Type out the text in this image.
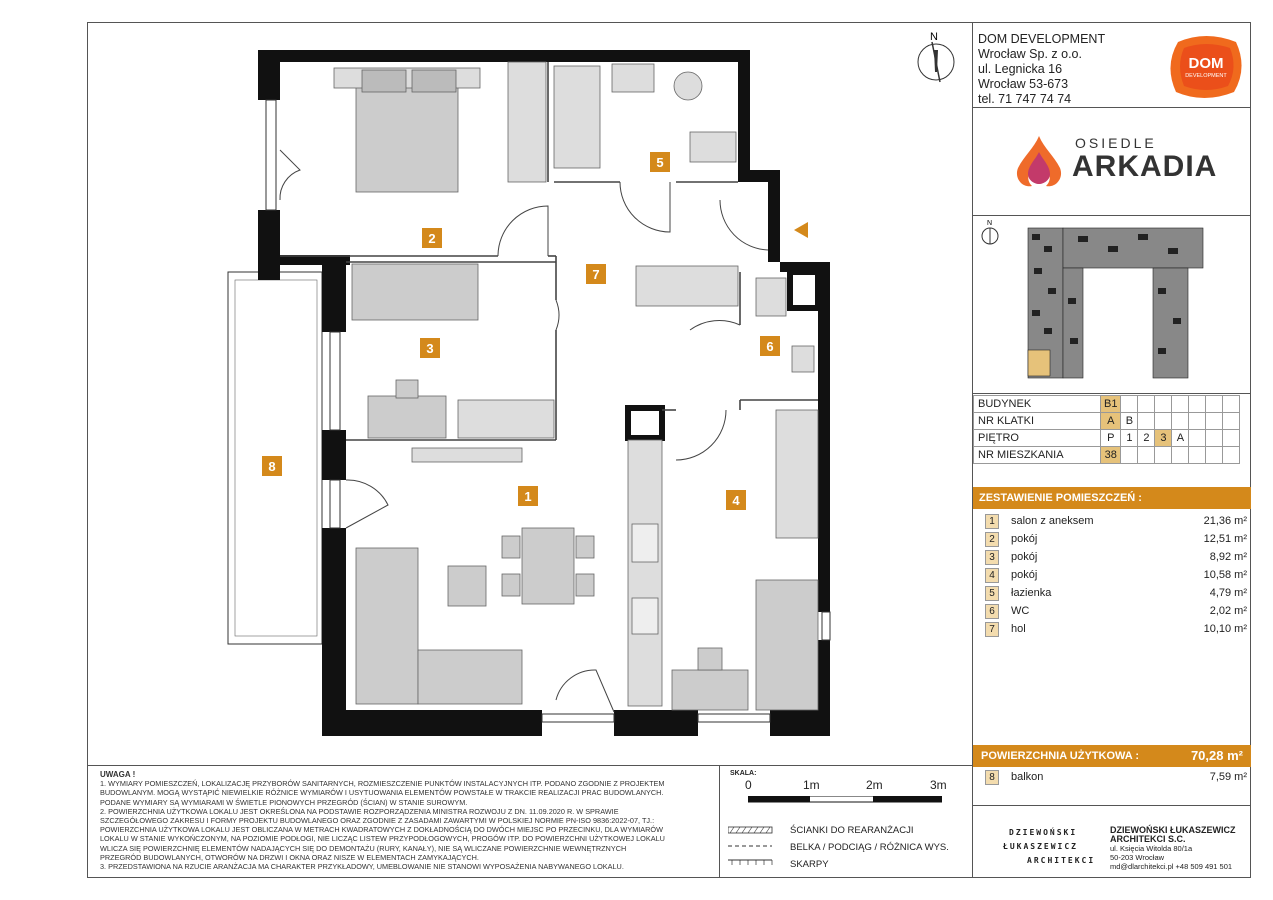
DOM DEVELOPMENT
Wrocław Sp. z o.o.
ul. Legnicka 16
Wrocław 53-673
tel. 71 747 74 74
DOM
DEVELOPMENT
OSIEDLE
ARKADIA
N
BUDYNEK	B1							
NR KLATKI	A	B						
PIĘTRO	P	1	2	3	A			
NR MIESZKANIA	38							
ZESTAWIENIE POMIESZCZEŃ :
1	salon z aneksem	21,36 m²
2	pokój	12,51 m²
3	pokój	8,92 m²
4	pokój	10,58 m²
5	łazienka	4,79 m²
6	WC	2,02 m²
7	hol	10,10 m²
POWIERZCHNIA UŻYTKOWA :	70,28 m²
8	balkon	7,59 m²
DZIEWOŃSKI
ŁUKASZEWICZ
ARCHITEKCI
DZIEWOŃSKI ŁUKASZEWICZ
ARCHITEKCI S.C.
ul. Księcia Witolda 80/1a
50-203 Wrocław
md@dlarchitekci.pl +48 509 491 501
UWAGA !
1. WYMIARY POMIESZCZEŃ, LOKALIZACJĘ PRZYBORÓW SANITARNYCH, ROZMIESZCZENIE PUNKTÓW INSTALACYJNYCH ITP. PODANO ZGODNIE Z PROJEKTEM
BUDOWLANYM. MOGĄ WYSTĄPIĆ NIEWIELKIE RÓŻNICE WYMIARÓW I USYTUOWANIA ELEMENTÓW POWSTAŁE W TRAKCIE REALIZACJI PRAC BUDOWLANYCH.
PODANE WYMIARY SĄ WYMIARAMI W ŚWIETLE PIONOWYCH PRZEGRÓD (ŚCIAN) W STANIE SUROWYM.
2. POWIERZCHNIA UŻYTKOWA LOKALU JEST OKREŚLONA NA PODSTAWIE ROZPORZĄDZENIA MINISTRA ROZWOJU Z DN. 11.09.2020 R. W SPRAWIE
SZCZEGÓŁOWEGO ZAKRESU I FORMY PROJEKTU BUDOWLANEGO ORAZ ZGODNIE Z ZASADAMI ZAWARTYMI W POLSKIEJ NORMIE PN-ISO 9836:2022-07, TJ.:
POWIERZCHNIA UŻYTKOWA LOKALU JEST OBLICZANA W METRACH KWADRATOWYCH Z DOKŁADNOŚCIĄ DO DWÓCH MIEJSC PO PRZECINKU, DLA WYMIARÓW
LOKALU W STANIE WYKOŃCZONYM, NA POZIOMIE PODŁOGI, NIE LICZĄC LISTEW PRZYPODŁOGOWYCH, PROGÓW ITP. DO POWIERZCHNI UŻYTKOWEJ LOKALU
WLICZA SIĘ POWIERZCHNIĘ ELEMENTÓW NADAJĄCYCH SIĘ DO DEMONTAŻU (RURY, KANAŁY), NIE SĄ WLICZANE POWIERZCHNIE WEWNĘTRZNYCH
PRZEGRÓD BUDOWLANYCH, OTWORÓW NA DRZWI I OKNA ORAZ NISZE W ELEMENTACH ZAMYKAJĄCYCH.
3. PRZEDSTAWIONA NA RZUCIE ARANŻACJA MA CHARAKTER PRZYKŁADOWY, UMEBLOWANIE NIE STANOWI WYPOSAŻENIA NABYWANEGO LOKALU.
SKALA:
0	1m	2m	3m
ŚCIANKI DO REARANŻACJI
BELKA / PODCIĄG / RÓŻNICA WYS.
SKARPY
N
1
2
3
4
5
6
7
8
